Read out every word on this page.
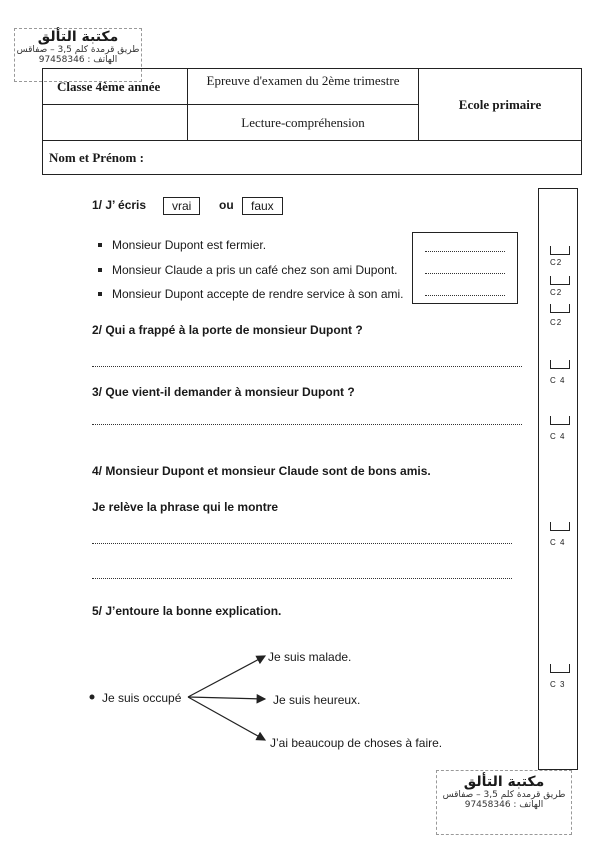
مكتبة التألق
طريق قرمدة كلم 3,5 – صفاقس
الهاتف : 97458346
Classe 4ème année	Epreuve d'examen du 2ème trimestre	Ecole primaire
	Lecture-compréhension	
Nom et Prénom :		
1/ J’ écris	vrai	ou	faux
Monsieur Dupont est fermier.
Monsieur Claude a pris un café chez son ami Dupont.
Monsieur Dupont accepte de rendre service à son ami.
C2
C2
C2
2/ Qui a frappé à la porte de monsieur Dupont ?
C 4
3/ Que vient-il demander à monsieur Dupont ?
C 4
4/ Monsieur Dupont et monsieur Claude sont de bons amis.
Je relève la phrase qui le montre
C 4
5/ J’entoure la bonne explication.
Je suis occupé
Je suis malade.
Je suis heureux.
J’ai beaucoup de choses à faire.
C 3
مكتبة التألق
طريق قرمدة كلم 3,5 – صفاقس
الهاتف : 97458346
